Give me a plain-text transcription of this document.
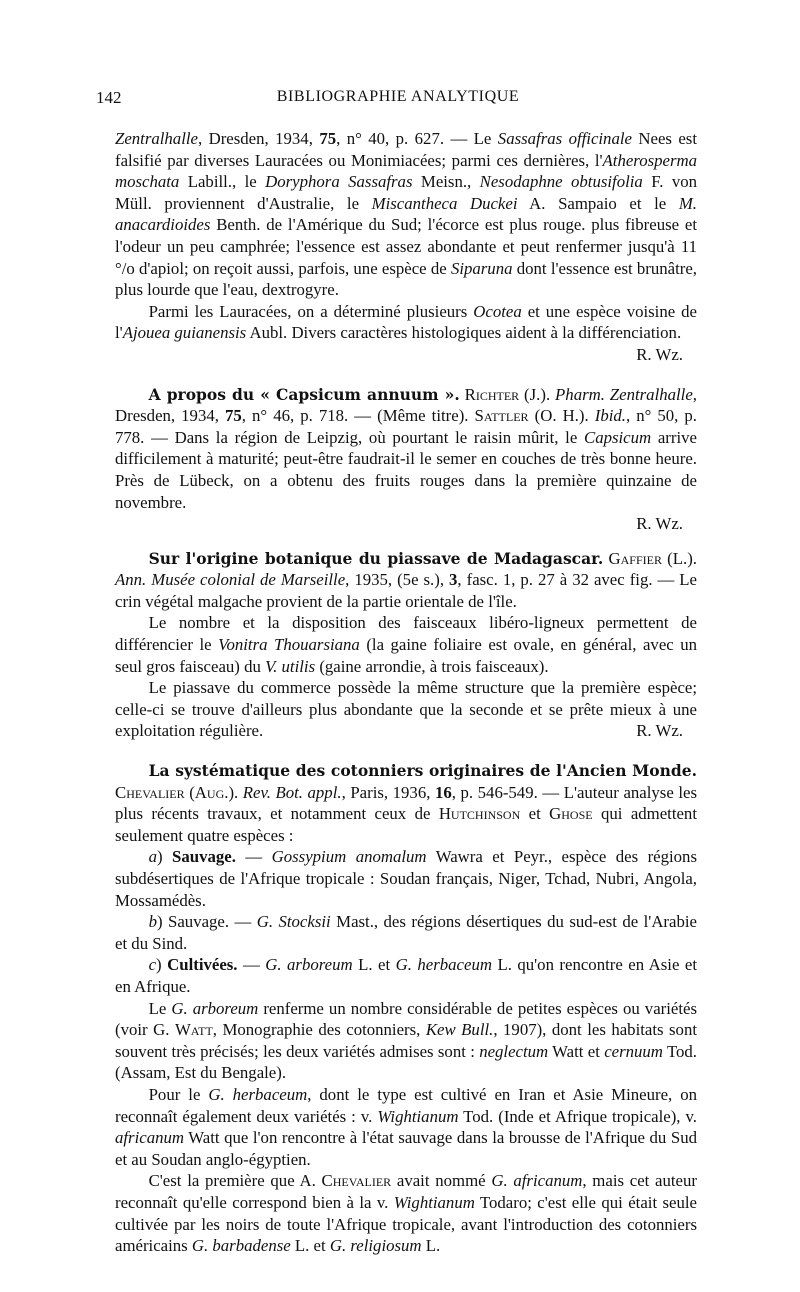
142	BIBLIOGRAPHIE ANALYTIQUE

Zentralhalle, Dresden, 1934, 75, n° 40, p. 627. — Le Sassafras officinale Nees est falsifié par diverses Lauracées ou Monimiacées; parmi ces dernières, l'Atherosperma moschata Labill., le Doryphora Sassafras Meisn., Nesodaphne obtusifolia F. von Müll. proviennent d'Australie, le Miscantheca Duckei A. Sampaio et le M. anacardioides Benth. de l'Amérique du Sud; l'écorce est plus rouge. plus fibreuse et l'odeur un peu camphrée; l'essence est assez abondante et peut renfermer jusqu'à 11 °/o d'apiol; on reçoit aussi, parfois, une espèce de Siparuna dont l'essence est brunâtre, plus lourde que l'eau, dextrogyre.

Parmi les Lauracées, on a déterminé plusieurs Ocotea et une espèce voisine de l'Ajouea guianensis Aubl. Divers caractères histologiques aident à la différenciation.

R. Wz.

A propos du « Capsicum annuum ». Richter (J.). Pharm. Zentralhalle, Dresden, 1934, 75, n° 46, p. 718. — (Même titre). Sattler (O. H.). Ibid., n° 50, p. 778. — Dans la région de Leipzig, où pourtant le raisin mûrit, le Capsicum arrive difficilement à maturité; peut-être faudrait-il le semer en couches de très bonne heure. Près de Lübeck, on a obtenu des fruits rouges dans la première quinzaine de novembre.

R. Wz.

Sur l'origine botanique du piassave de Madagascar. Gaffier (L.). Ann. Musée colonial de Marseille, 1935, (5e s.), 3, fasc. 1, p. 27 à 32 avec fig. — Le crin végétal malgache provient de la partie orientale de l'île.

Le nombre et la disposition des faisceaux libéro-ligneux permettent de différencier le Vonitra Thouarsiana (la gaine foliaire est ovale, en général, avec un seul gros faisceau) du V. utilis (gaine arrondie, à trois faisceaux).

Le piassave du commerce possède la même structure que la première espèce; celle-ci se trouve d'ailleurs plus abondante que la seconde et se prête mieux à une exploitation régulière.	R. Wz.

La systématique des cotonniers originaires de l'Ancien Monde. Chevalier (Aug.). Rev. Bot. appl., Paris, 1936, 16, p. 546-549. — L'auteur analyse les plus récents travaux, et notamment ceux de Hutchinson et Ghose qui admettent seulement quatre espèces :

a) Sauvage. — Gossypium anomalum Wawra et Peyr., espèce des régions subdésertiques de l'Afrique tropicale : Soudan français, Niger, Tchad, Nubri, Angola, Mossamédès.

b) Sauvage. — G. Stocksii Mast., des régions désertiques du sud-est de l'Arabie et du Sind.

c) Cultivées. — G. arboreum L. et G. herbaceum L. qu'on rencontre en Asie et en Afrique.

Le G. arboreum renferme un nombre considérable de petites espèces ou variétés (voir G. Watt, Monographie des cotonniers, Kew Bull., 1907), dont les habitats sont souvent très précisés; les deux variétés admises sont : neglectum Watt et cernuum Tod. (Assam, Est du Bengale).

Pour le G. herbaceum, dont le type est cultivé en Iran et Asie Mineure, on reconnaît également deux variétés : v. Wightianum Tod. (Inde et Afrique tropicale), v. africanum Watt que l'on rencontre à l'état sauvage dans la brousse de l'Afrique du Sud et au Soudan anglo-égyptien.

C'est la première que A. Chevalier avait nommé G. africanum, mais cet auteur reconnaît qu'elle correspond bien à la v. Wightianum Todaro; c'est elle qui était seule cultivée par les noirs de toute l'Afrique tropicale, avant l'introduction des cotonniers américains G. barbadense L. et G. religiosum L.
